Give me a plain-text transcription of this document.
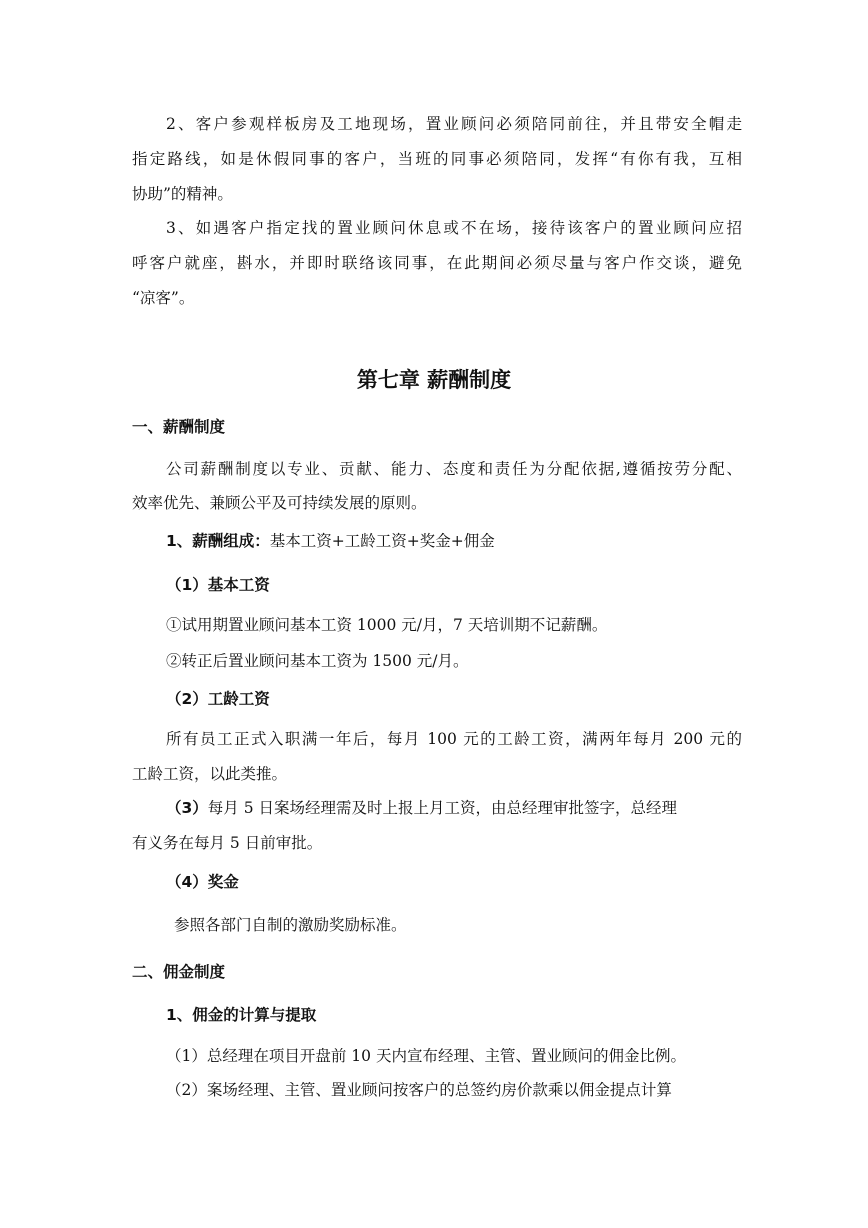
2、客户参观样板房及工地现场，置业顾问必须陪同前往，并且带安全帽走
指定路线，如是休假同事的客户，当班的同事必须陪同，发挥“有你有我，互相
协助”的精神。
3、如遇客户指定找的置业顾问休息或不在场，接待该客户的置业顾问应招
呼客户就座，斟水，并即时联络该同事，在此期间必须尽量与客户作交谈，避免
“凉客”。
第七章 薪酬制度
一、薪酬制度
公司薪酬制度以专业、贡献、能力、态度和责任为分配依据,遵循按劳分配、
效率优先、兼顾公平及可持续发展的原则。
1、薪酬组成：基本工资+工龄工资+奖金+佣金
（1）基本工资
①试用期置业顾问基本工资 1000 元/月，7 天培训期不记薪酬。
②转正后置业顾问基本工资为 1500 元/月。
（2）工龄工资
所有员工正式入职满一年后，每月 100 元的工龄工资，满两年每月 200 元的
工龄工资，以此类推。
（3）每月 5 日案场经理需及时上报上月工资，由总经理审批签字，总经理
有义务在每月 5 日前审批。
（4）奖金
参照各部门自制的激励奖励标准。
二、佣金制度
1、佣金的计算与提取
（1）总经理在项目开盘前 10 天内宣布经理、主管、置业顾问的佣金比例。
（2）案场经理、主管、置业顾问按客户的总签约房价款乘以佣金提点计算
